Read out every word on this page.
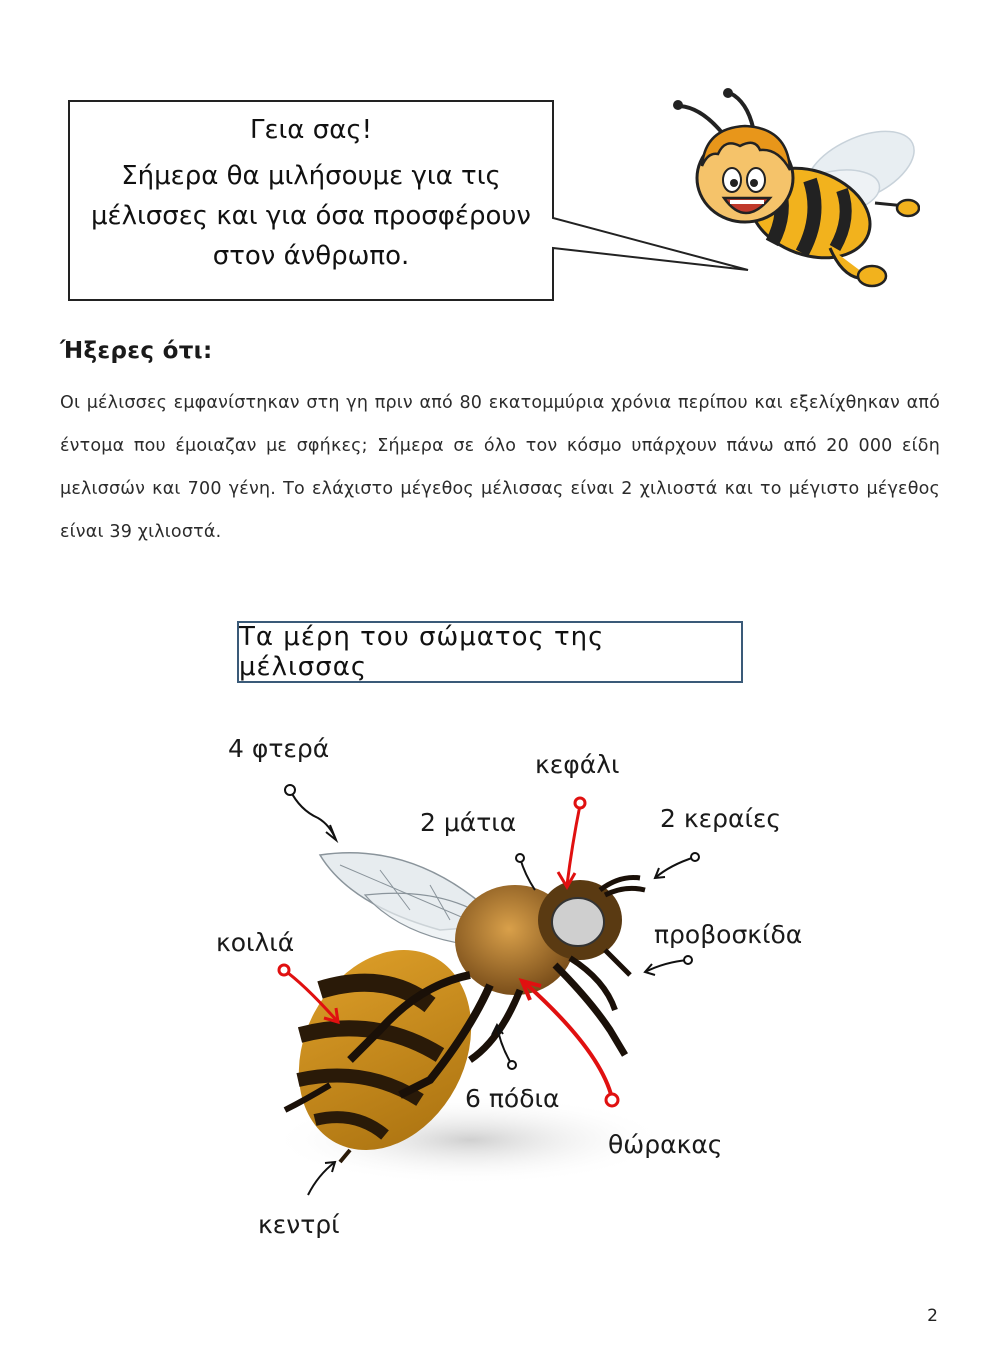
Γεια σας!
Σήμερα θα μιλήσουμε για τις
μέλισσες και για όσα προσφέρουν
στον άνθρωπο.
Ήξερες ότι:
Οι μέλισσες εμφανίστηκαν στη γη πριν από 80 εκατομμύρια χρόνια περίπου και εξελίχθηκαν από έντομα που έμοιαζαν με σφήκες; Σήμερα σε όλο τον κόσμο υπάρχουν πάνω από 20 000 είδη μελισσών και 700 γένη. Το ελάχιστο μέγεθος μέλισσας είναι 2 χιλιοστά και το μέγιστο μέγεθος είναι 39 χιλιοστά.
Τα μέρη του σώματος της μέλισσας
4 φτερά
κεφάλι
2 μάτια	2 κεραίες
κοιλιά	προβοσκίδα
6 πόδια
θώρακας
κεντρί
2
